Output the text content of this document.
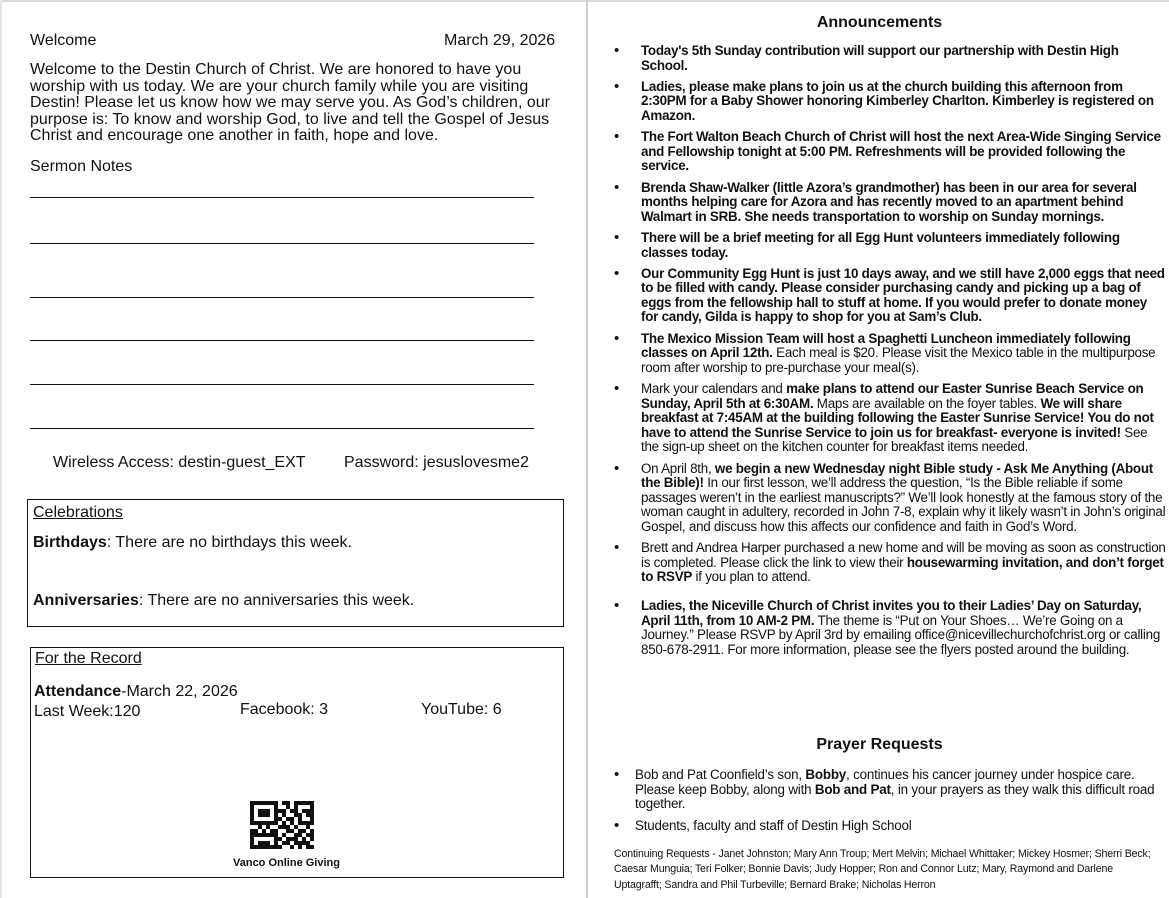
Welcome	March 29, 2026

Welcome to the Destin Church of Christ. We are honored to have you worship with us today. We are your church family while you are visiting Destin! Please let us know how we may serve you. As God’s children, our purpose is: To know and worship God, to live and tell the Gospel of Jesus Christ and encourage one another in faith, hope and love.

Sermon Notes
Wireless Access: destin-guest_EXT Password: jesuslovesme2
Celebrations
Birthdays: There are no birthdays this week.
Anniversaries: There are no anniversaries this week.
For the Record
Attendance-March 22, 2026
Last Week:120	Facebook: 3	YouTube: 6
Vanco Online Giving
Announcements
• Today's 5th Sunday contribution will support our partnership with Destin High School.
• Ladies, please make plans to join us at the church building this afternoon from 2:30PM for a Baby Shower honoring Kimberley Charlton. Kimberley is registered on Amazon.
• The Fort Walton Beach Church of Christ will host the next Area-Wide Singing Service and Fellowship tonight at 5:00 PM. Refreshments will be provided following the service.
• Brenda Shaw-Walker (little Azora’s grandmother) has been in our area for several months helping care for Azora and has recently moved to an apartment behind Walmart in SRB. She needs transportation to worship on Sunday mornings.
• There will be a brief meeting for all Egg Hunt volunteers immediately following classes today.
• Our Community Egg Hunt is just 10 days away, and we still have 2,000 eggs that need to be filled with candy. Please consider purchasing candy and picking up a bag of eggs from the fellowship hall to stuff at home. If you would prefer to donate money for candy, Gilda is happy to shop for you at Sam’s Club.
• The Mexico Mission Team will host a Spaghetti Luncheon immediately following classes on April 12th. Each meal is $20. Please visit the Mexico table in the multipurpose room after worship to pre-purchase your meal(s).
• Mark your calendars and make plans to attend our Easter Sunrise Beach Service on Sunday, April 5th at 6:30AM. Maps are available on the foyer tables. We will share breakfast at 7:45AM at the building following the Easter Sunrise Service! You do not have to attend the Sunrise Service to join us for breakfast- everyone is invited! See the sign-up sheet on the kitchen counter for breakfast items needed.
• On April 8th, we begin a new Wednesday night Bible study - Ask Me Anything (About the Bible)! In our first lesson, we’ll address the question, “Is the Bible reliable if some passages weren’t in the earliest manuscripts?” We’ll look honestly at the famous story of the woman caught in adultery, recorded in John 7-8, explain why it likely wasn’t in John’s original Gospel, and discuss how this affects our confidence and faith in God’s Word.
• Brett and Andrea Harper purchased a new home and will be moving as soon as construction is completed. Please click the link to view their housewarming invitation, and don’t forget to RSVP if you plan to attend.
• Ladies, the Niceville Church of Christ invites you to their Ladies’ Day on Saturday, April 11th, from 10 AM-2 PM. The theme is “Put on Your Shoes… We’re Going on a Journey.” Please RSVP by April 3rd by emailing office@nicevillechurchofchrist.org or calling 850-678-2911. For more information, please see the flyers posted around the building.
Prayer Requests
• Bob and Pat Coonfield’s son, Bobby, continues his cancer journey under hospice care. Please keep Bobby, along with Bob and Pat, in your prayers as they walk this difficult road together.
• Students, faculty and staff of Destin High School
Continuing Requests - Janet Johnston; Mary Ann Troup; Mert Melvin; Michael Whittaker; Mickey Hosmer; Sherri Beck; Caesar Munguia; Teri Folker; Bonnie Davis; Judy Hopper; Ron and Connor Lutz; Mary, Raymond and Darlene Uptagrafft; Sandra and Phil Turbeville; Bernard Brake; Nicholas Herron
